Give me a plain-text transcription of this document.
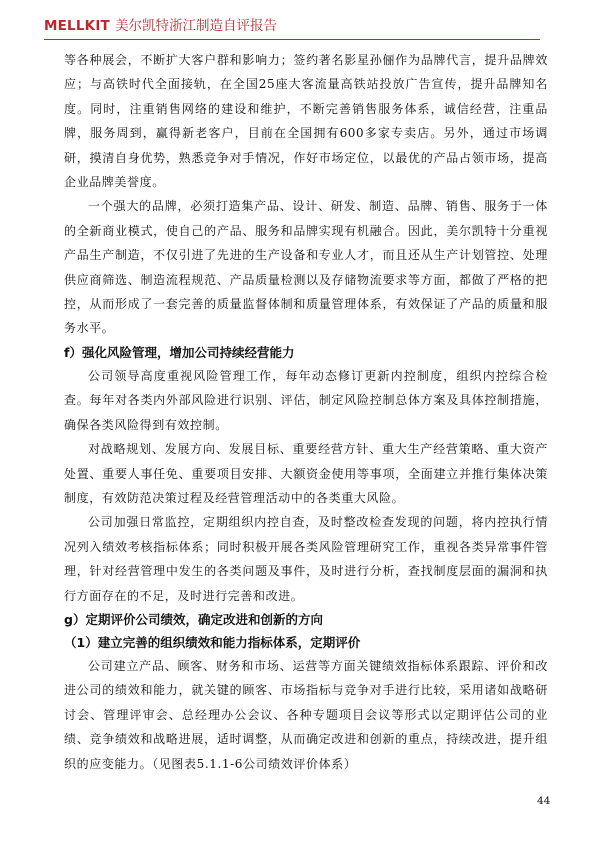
MELLKIT 美尔凯特浙江制造自评报告

等各种展会，不断扩大客户群和影响力；签约著名影星孙俪作为品牌代言，提升品牌效应；与高铁时代全面接轨，在全国25座大客流量高铁站投放广告宣传，提升品牌知名度。同时，注重销售网络的建设和维护，不断完善销售服务体系，诚信经营，注重品牌，服务周到，赢得新老客户，目前在全国拥有600多家专卖店。另外，通过市场调研，摸清自身优势，熟悉竞争对手情况，作好市场定位，以最优的产品占领市场，提高企业品牌美誉度。

一个强大的品牌，必须打造集产品、设计、研发、制造、品牌、销售、服务于一体的全新商业模式，使自己的产品、服务和品牌实现有机融合。因此，美尔凯特十分重视产品生产制造，不仅引进了先进的生产设备和专业人才，而且还从生产计划管控、处理供应商筛选、制造流程规范、产品质量检测以及存储物流要求等方面，都做了严格的把控，从而形成了一套完善的质量监督体制和质量管理体系，有效保证了产品的质量和服务水平。

f）强化风险管理，增加公司持续经营能力

公司领导高度重视风险管理工作，每年动态修订更新内控制度，组织内控综合检查。每年对各类内外部风险进行识别、评估，制定风险控制总体方案及具体控制措施，确保各类风险得到有效控制。

对战略规划、发展方向、发展目标、重要经营方针、重大生产经营策略、重大资产处置、重要人事任免、重要项目安排、大额资金使用等事项，全面建立并推行集体决策制度，有效防范决策过程及经营管理活动中的各类重大风险。

公司加强日常监控，定期组织内控自查，及时整改检查发现的问题，将内控执行情况列入绩效考核指标体系；同时积极开展各类风险管理研究工作，重视各类异常事件管理，针对经营管理中发生的各类问题及事件，及时进行分析，查找制度层面的漏洞和执行方面存在的不足，及时进行完善和改进。

g）定期评价公司绩效，确定改进和创新的方向

（1）建立完善的组织绩效和能力指标体系，定期评价

公司建立产品、顾客、财务和市场、运营等方面关键绩效指标体系跟踪、评价和改进公司的绩效和能力，就关键的顾客、市场指标与竞争对手进行比较，采用诸如战略研讨会、管理评审会、总经理办公会议、各种专题项目会议等形式以定期评估公司的业绩、竞争绩效和战略进展，适时调整，从而确定改进和创新的重点，持续改进，提升组织的应变能力。（见图表5.1.1-6公司绩效评价体系）

44
